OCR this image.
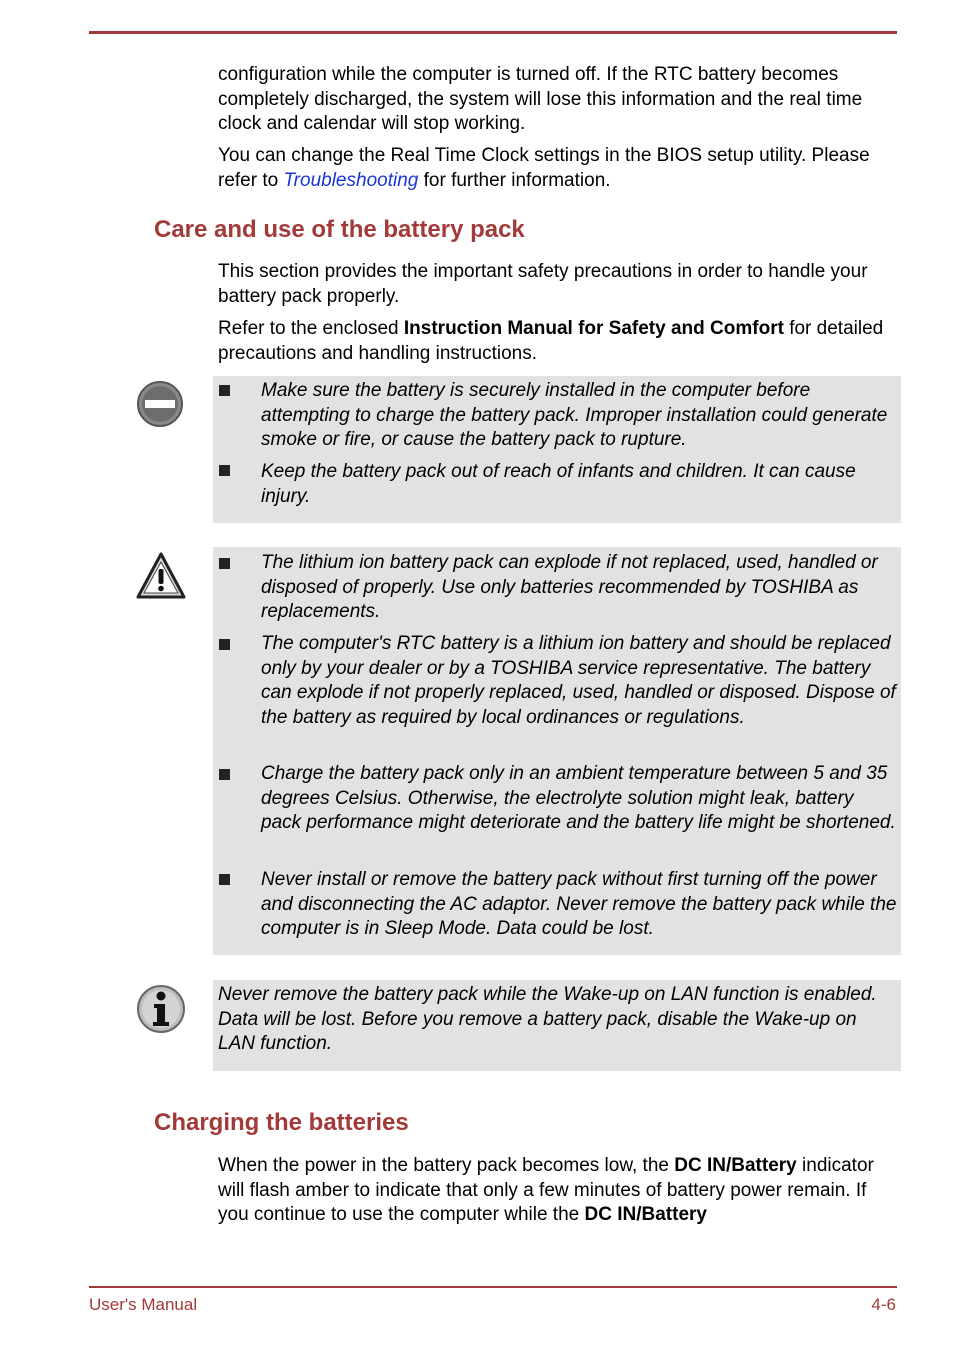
configuration while the computer is turned off. If the RTC battery becomes completely discharged, the system will lose this information and the real time clock and calendar will stop working.

You can change the Real Time Clock settings in the BIOS setup utility. Please refer to Troubleshooting for further information.

Care and use of the battery pack

This section provides the important safety precautions in order to handle your battery pack properly.

Refer to the enclosed Instruction Manual for Safety and Comfort for detailed precautions and handling instructions.

Make sure the battery is securely installed in the computer before attempting to charge the battery pack. Improper installation could generate smoke or fire, or cause the battery pack to rupture.
Keep the battery pack out of reach of infants and children. It can cause injury.
The lithium ion battery pack can explode if not replaced, used, handled or disposed of properly. Use only batteries recommended by TOSHIBA as replacements.
The computer's RTC battery is a lithium ion battery and should be replaced only by your dealer or by a TOSHIBA service representative. The battery can explode if not properly replaced, used, handled or disposed. Dispose of the battery as required by local ordinances or regulations.
Charge the battery pack only in an ambient temperature between 5 and 35 degrees Celsius. Otherwise, the electrolyte solution might leak, battery pack performance might deteriorate and the battery life might be shortened.
Never install or remove the battery pack without first turning off the power and disconnecting the AC adaptor. Never remove the battery pack while the computer is in Sleep Mode. Data could be lost.
Never remove the battery pack while the Wake-up on LAN function is enabled. Data will be lost. Before you remove a battery pack, disable the Wake-up on LAN function.
Charging the batteries

When the power in the battery pack becomes low, the DC IN/Battery indicator will flash amber to indicate that only a few minutes of battery power remain. If you continue to use the computer while the DC IN/Battery

User's Manual	4-6
